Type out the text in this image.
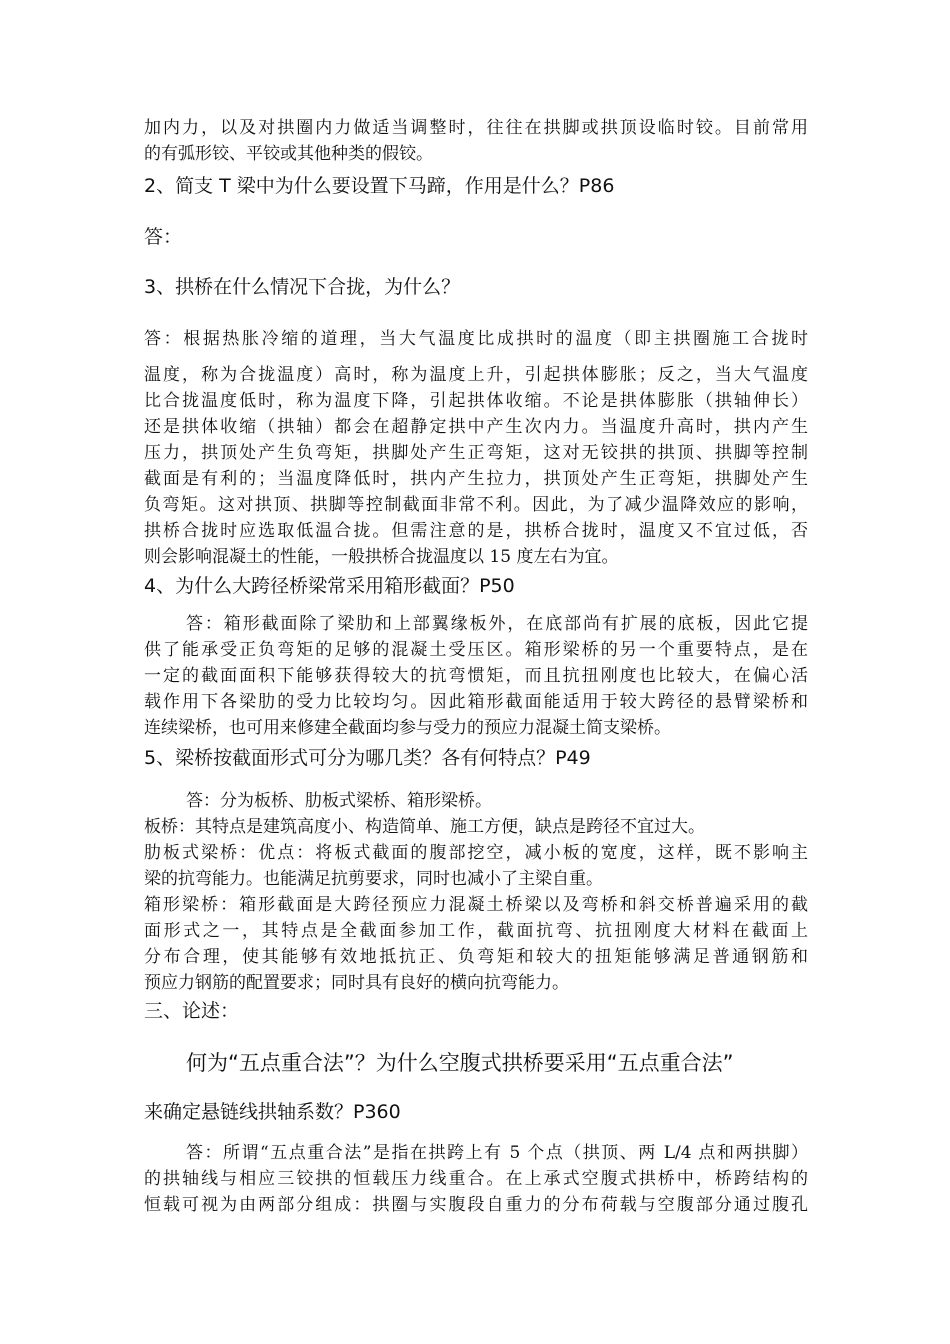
加内力，以及对拱圈内力做适当调整时，往往在拱脚或拱顶设临时铰。目前常用
的有弧形铰、平铰或其他种类的假铰。
2、简支 T 梁中为什么要设置下马蹄，作用是什么？P86
答：
3、拱桥在什么情况下合拢，为什么？
答：根据热胀冷缩的道理，当大气温度比成拱时的温度（即主拱圈施工合拢时
温度，称为合拢温度）高时，称为温度上升，引起拱体膨胀；反之，当大气温度
比合拢温度低时，称为温度下降，引起拱体收缩。不论是拱体膨胀（拱轴伸长）
还是拱体收缩（拱轴）都会在超静定拱中产生次内力。当温度升高时，拱内产生
压力，拱顶处产生负弯矩，拱脚处产生正弯矩，这对无铰拱的拱顶、拱脚等控制
截面是有利的；当温度降低时，拱内产生拉力，拱顶处产生正弯矩，拱脚处产生
负弯矩。这对拱顶、拱脚等控制截面非常不利。因此，为了减少温降效应的影响，
拱桥合拢时应选取低温合拢。但需注意的是，拱桥合拢时，温度又不宜过低，否
则会影响混凝土的性能，一般拱桥合拢温度以 15 度左右为宜。
4、为什么大跨径桥梁常采用箱形截面？P50
答：箱形截面除了梁肋和上部翼缘板外，在底部尚有扩展的底板，因此它提
供了能承受正负弯矩的足够的混凝土受压区。箱形梁桥的另一个重要特点，是在
一定的截面面积下能够获得较大的抗弯惯矩，而且抗扭刚度也比较大，在偏心活
载作用下各梁肋的受力比较均匀。因此箱形截面能适用于较大跨径的悬臂梁桥和
连续梁桥，也可用来修建全截面均参与受力的预应力混凝土简支梁桥。
5、梁桥按截面形式可分为哪几类？各有何特点？P49
答：分为板桥、肋板式梁桥、箱形梁桥。
板桥：其特点是建筑高度小、构造简单、施工方便，缺点是跨径不宜过大。
肋板式梁桥：优点：将板式截面的腹部挖空，减小板的宽度，这样，既不影响主
梁的抗弯能力。也能满足抗剪要求，同时也减小了主梁自重。
箱形梁桥：箱形截面是大跨径预应力混凝土桥梁以及弯桥和斜交桥普遍采用的截
面形式之一，其特点是全截面参加工作，截面抗弯、抗扭刚度大材料在截面上
分布合理，使其能够有效地抵抗正、负弯矩和较大的扭矩能够满足普通钢筋和
预应力钢筋的配置要求；同时具有良好的横向抗弯能力。
三、论述：
何为“五点重合法”？为什么空腹式拱桥要采用“五点重合法”
来确定悬链线拱轴系数？P360
答：所谓“五点重合法”是指在拱跨上有 5 个点（拱顶、两 L/4 点和两拱脚）
的拱轴线与相应三铰拱的恒载压力线重合。在上承式空腹式拱桥中，桥跨结构的
恒载可视为由两部分组成：拱圈与实腹段自重力的分布荷载与空腹部分通过腹孔
